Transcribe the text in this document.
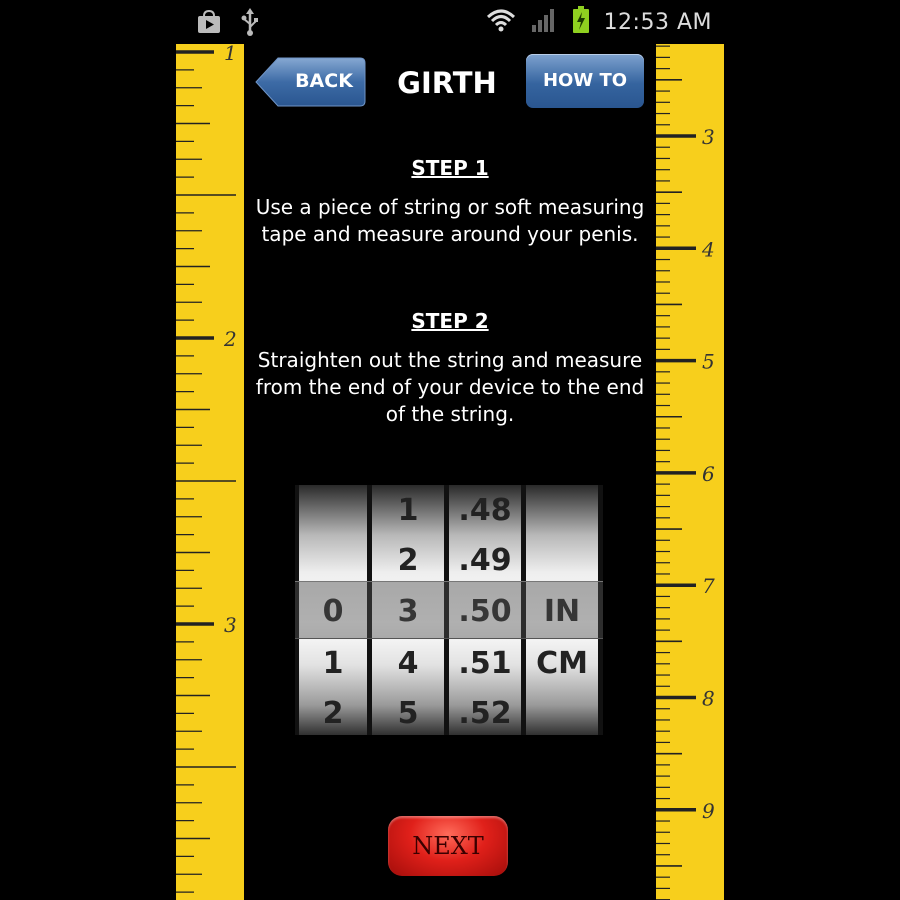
12:53 AM
1
2
3
3
4
5
6
7
8
9
BACK	GIRTH	HOW TO
STEP 1
Use a piece of string or soft measuring tape and measure around your penis.
STEP 2
Straighten out the string and measure from the end of your device to the end of the string.
0
1
2
1
2
3
4
5
.48
.49
.50
.51
.52
IN
CM
NEXT
